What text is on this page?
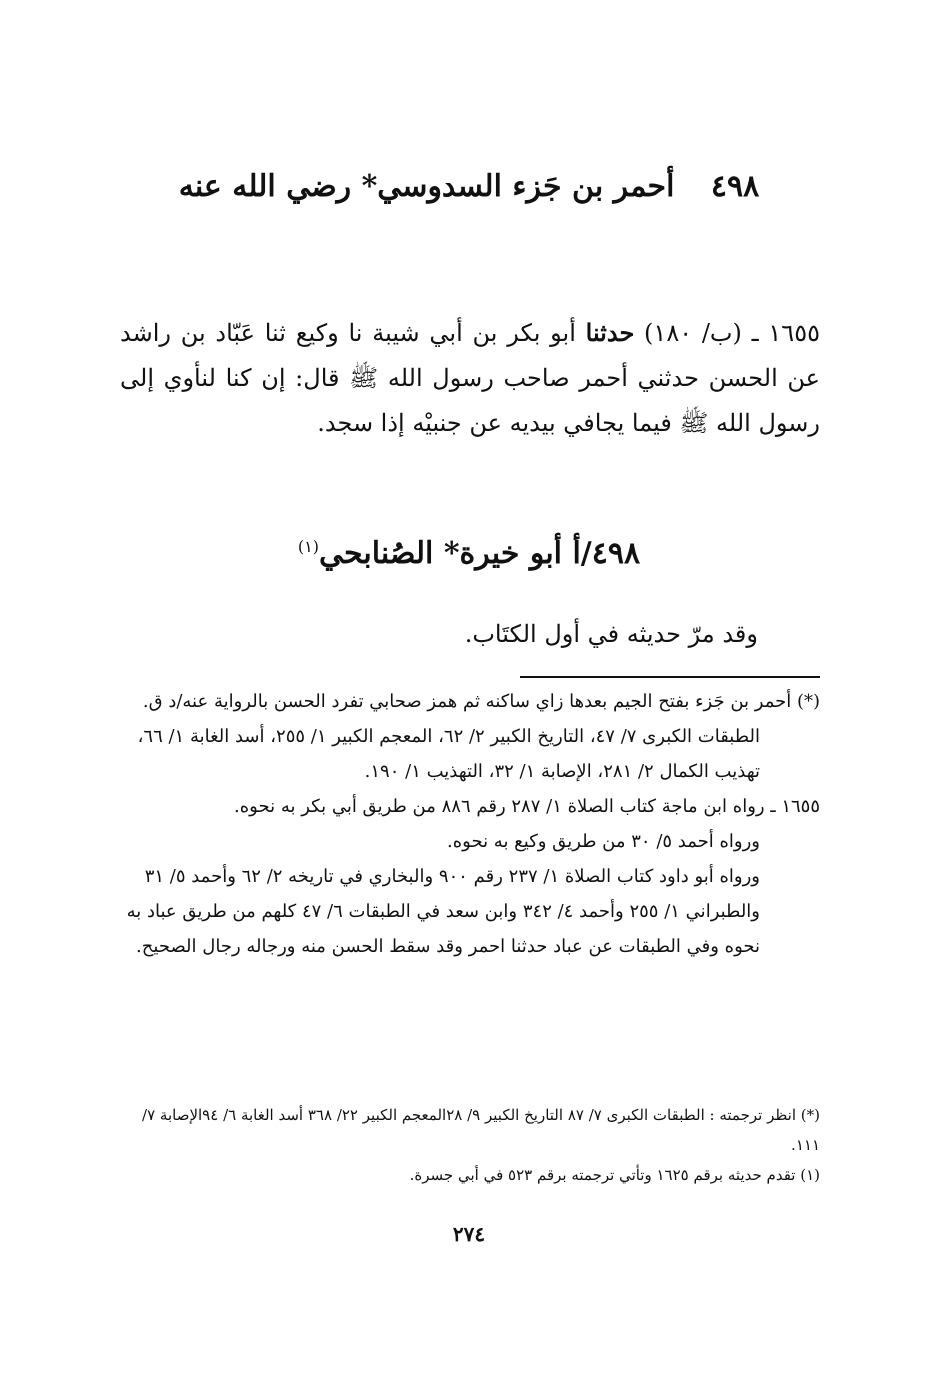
٤٩٨ أحمر بن جَزء السدوسي* رضي الله عنه
١٦٥٥ ـ (ب/ ١٨٠) حدثنا أبو بكر بن أبي شيبة نا وكيع ثنا عَبّاد بن راشد عن الحسن حدثني أحمر صاحب رسول الله ﷺ قال: إن كنا لنأوي إلى رسول الله ﷺ فيما يجافي بيديه عن جنبيْه إذا سجد.
٤٩٨/أ أبو خيرة* الصُنابحي$^{(١)}$
وقد مرّ حديثه في أول الكتَاب.

(*) أحمر بن جَزء بفتح الجيم بعدها زاي ساكنه ثم همز صحابي تفرد الحسن بالرواية عنه/د ق.

الطبقات الكبرى ٧/ ٤٧، التاريخ الكبير ٢/ ٦٢، المعجم الكبير ١/ ٢٥٥، أسد الغابة ١/ ٦٦، تهذيب الكمال ٢/ ٢٨١، الإصابة ١/ ٣٢، التهذيب ١/ ١٩٠.

١٦٥٥ ـ رواه ابن ماجة كتاب الصلاة ١/ ٢٨٧ رقم ٨٨٦ من طريق أبي بكر به نحوه.

ورواه أحمد ٥/ ٣٠ من طريق وكيع به نحوه.

ورواه أبو داود كتاب الصلاة ١/ ٢٣٧ رقم ٩٠٠ والبخاري في تاريخه ٢/ ٦٢ وأحمد ٥/ ٣١ والطبراني ١/ ٢٥٥ وأحمد ٤/ ٣٤٢ وابن سعد في الطبقات ٦/ ٤٧ كلهم من طريق عباد به نحوه وفي الطبقات عن عباد حدثنا احمر وقد سقط الحسن منه ورجاله رجال الصحيح.

(*) انظر ترجمته : الطبقات الكبرى ٧/ ٨٧ التاريخ الكبير ٩/ ٢٨المعجم الكبير ٢٢/ ٣٦٨ أسد الغابة ٦/ ٩٤الإصابة ٧/ ١١١.

(١) تقدم حديثه برقم ١٦٢٥ وتأتي ترجمته برقم ٥٢٣ في أبي جسرة.

٢٧٤
